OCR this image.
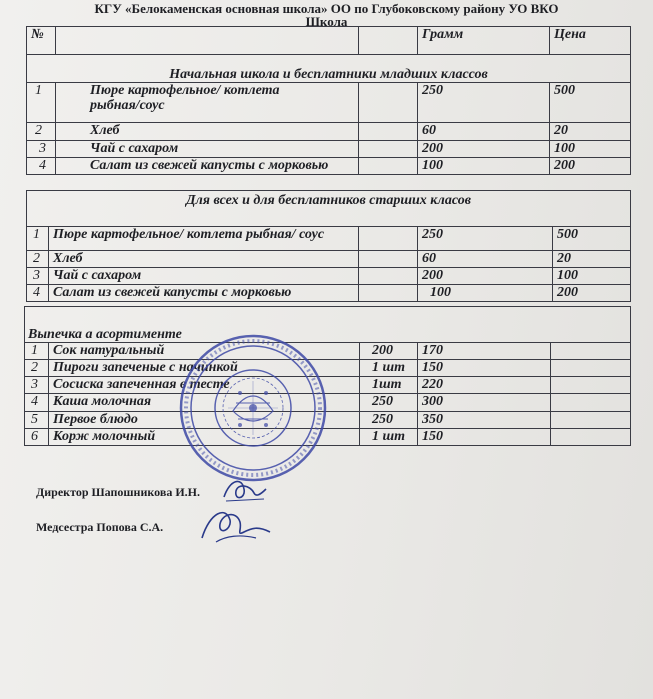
КГУ «Белокаменская основная школа» ОО по Глубоковскому району УО ВКО
Школа
№			Грамм	Цена
Начальная школа и бесплатники младших классов				
1	Пюре картофельное/ котлета
рыбная/соус		250	500
2	Хлеб		60	20
3	Чай с сахаром		200	100
4	Салат из свежей капусты с морковью		100	200
Для всех и для бесплатников старших класов				
1	Пюре картофельное/ котлета рыбная/ соус		250	500
2	Хлеб		60	20
3	Чай с сахаром		200	100
4	Салат из свежей капусты с морковью		100	200
Выпечка а асортименте				
1	Сок натуральный	200	170	
2	Пироги запеченые с начинкой	1 шт	150	
3	Сосиска запеченная в тесте	1шт	220	
4	Каша молочная	250	300	
5	Первое блюдо	250	350	
6	Корж молочный	1 шт	150	
Директор Шапошникова И.Н.
Медсестра Попова С.А.
